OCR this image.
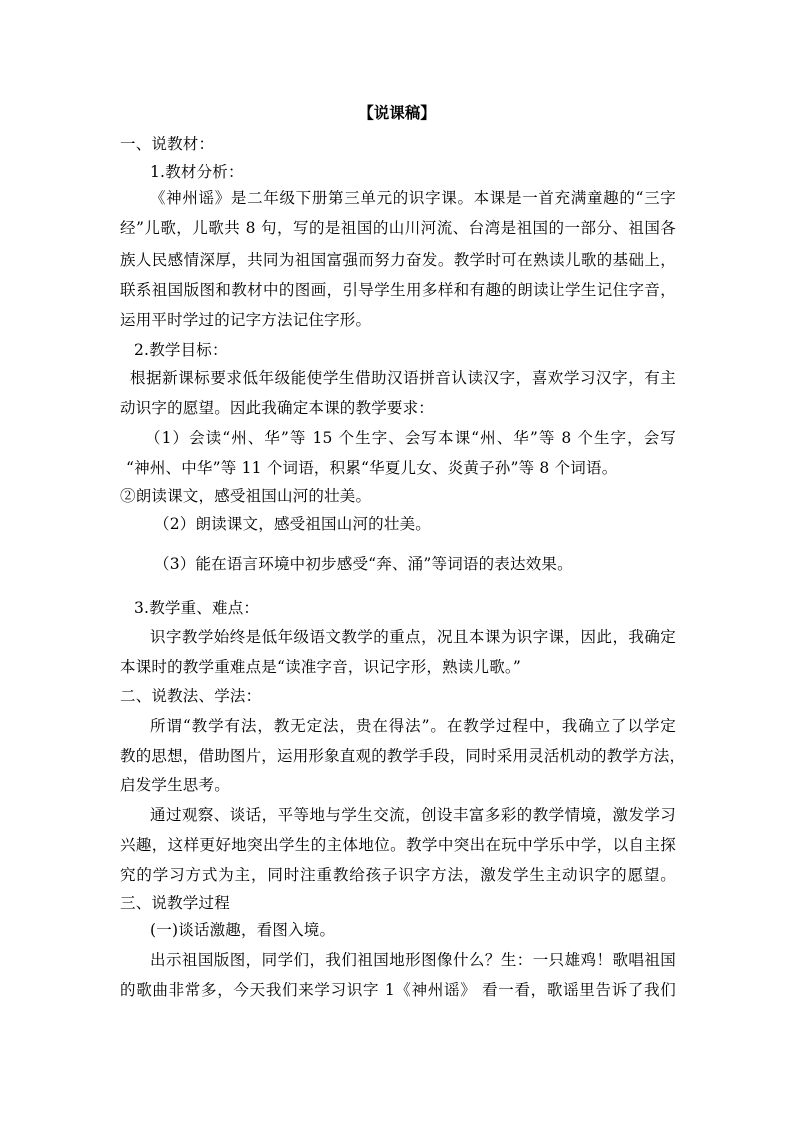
【说课稿】
一、说教材：
1.教材分析：
《神州谣》是二年级下册第三单元的识字课。本课是一首充满童趣的“三字
经”儿歌，儿歌共 8 句，写的是祖国的山川河流、台湾是祖国的一部分、祖国各
族人民感情深厚，共同为祖国富强而努力奋发。教学时可在熟读儿歌的基础上，
联系祖国版图和教材中的图画，引导学生用多样和有趣的朗读让学生记住字音，
运用平时学过的记字方法记住字形。
2.教学目标：
根据新课标要求低年级能使学生借助汉语拼音认读汉字，喜欢学习汉字，有主
动识字的愿望。因此我确定本课的教学要求：
（1）会读“州、华”等 15 个生字、会写本课“州、华”等 8 个生字，会写
“神州、中华”等 11 个词语，积累“华夏儿女、炎黄子孙”等 8 个词语。
②朗读课文，感受祖国山河的壮美。
（2）朗读课文，感受祖国山河的壮美。
（3）能在语言环境中初步感受“奔、涌”等词语的表达效果。
3.教学重、难点：
识字教学始终是低年级语文教学的重点，况且本课为识字课，因此，我确定
本课时的教学重难点是“读准字音，识记字形，熟读儿歌。”
二、说教法、学法：
所谓“教学有法，教无定法，贵在得法”。在教学过程中，我确立了以学定
教的思想，借助图片，运用形象直观的教学手段，同时采用灵活机动的教学方法，
启发学生思考。
通过观察、谈话，平等地与学生交流，创设丰富多彩的教学情境，激发学习
兴趣，这样更好地突出学生的主体地位。教学中突出在玩中学乐中学，以自主探
究的学习方式为主，同时注重教给孩子识字方法，激发学生主动识字的愿望。
三、说教学过程
(一)谈话激趣，看图入境。
出示祖国版图，同学们，我们祖国地形图像什么？生：一只雄鸡！歌唱祖国
的歌曲非常多，今天我们来学习识字 1《神州谣》 看一看，歌谣里告诉了我们
